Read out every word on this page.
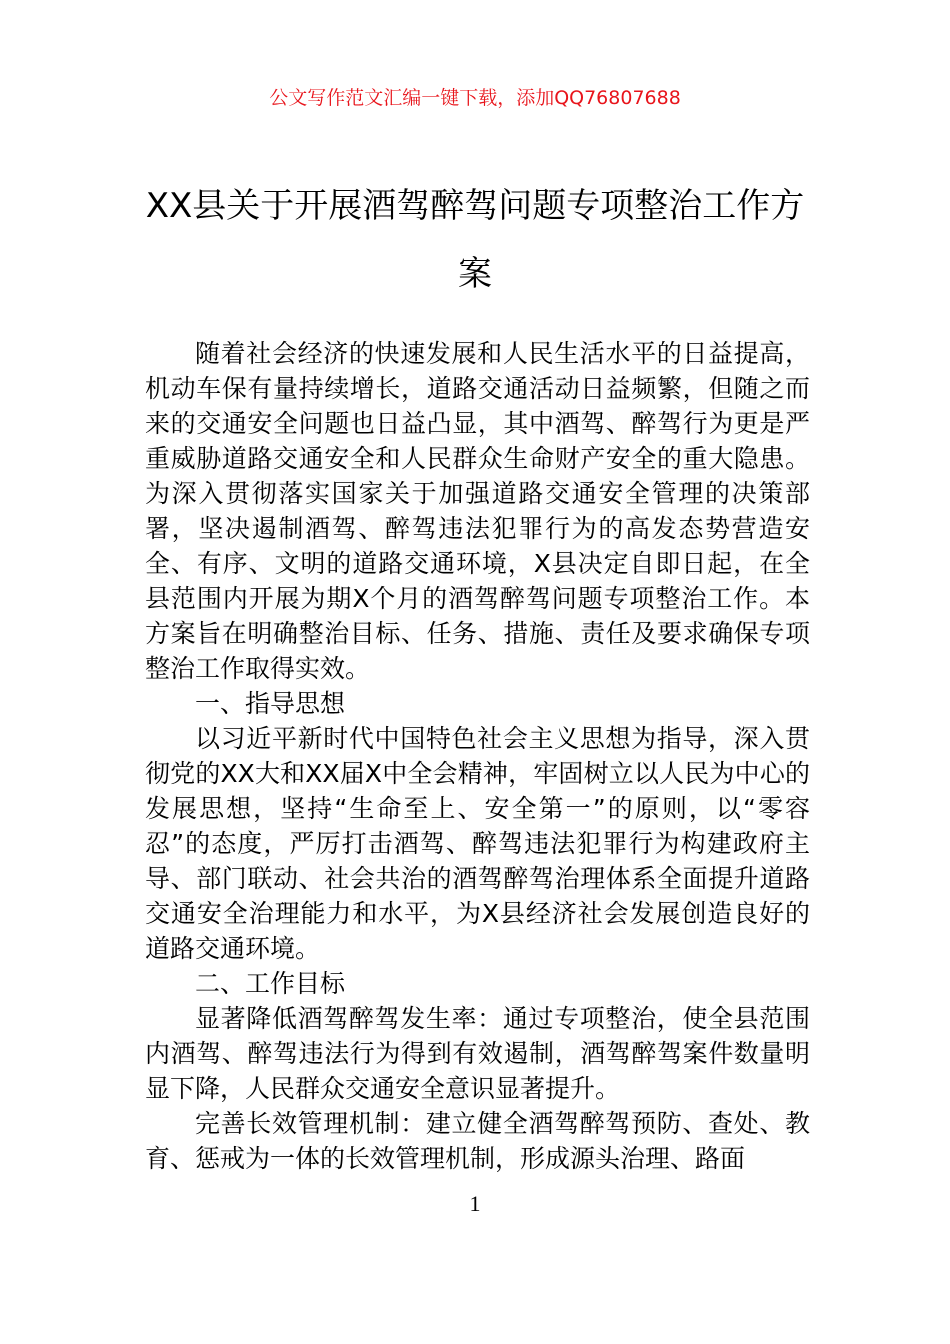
公文写作范文汇编一键下载，添加QQ76807688
XX县关于开展酒驾醉驾问题专项整治工作方案

随着社会经济的快速发展和人民生活水平的日益提高，机动车保有量持续增长，道路交通活动日益频繁，但随之而来的交通安全问题也日益凸显，其中酒驾、醉驾行为更是严重威胁道路交通安全和人民群众生命财产安全的重大隐患。为深入贯彻落实国家关于加强道路交通安全管理的决策部署，坚决遏制酒驾、醉驾违法犯罪行为的高发态势营造安全、有序、文明的道路交通环境，X县决定自即日起，在全县范围内开展为期X个月的酒驾醉驾问题专项整治工作。本方案旨在明确整治目标、任务、措施、责任及要求确保专项整治工作取得实效。

一、指导思想

以习近平新时代中国特色社会主义思想为指导，深入贯彻党的XX大和XX届X中全会精神，牢固树立以人民为中心的发展思想，坚持“生命至上、安全第一”的原则，以“零容忍”的态度，严厉打击酒驾、醉驾违法犯罪行为构建政府主导、部门联动、社会共治的酒驾醉驾治理体系全面提升道路交通安全治理能力和水平，为X县经济社会发展创造良好的道路交通环境。

二、工作目标

显著降低酒驾醉驾发生率：通过专项整治，使全县范围内酒驾、醉驾违法行为得到有效遏制，酒驾醉驾案件数量明显下降，人民群众交通安全意识显著提升。

完善长效管理机制：建立健全酒驾醉驾预防、查处、教育、惩戒为一体的长效管理机制，形成源头治理、路面

1
